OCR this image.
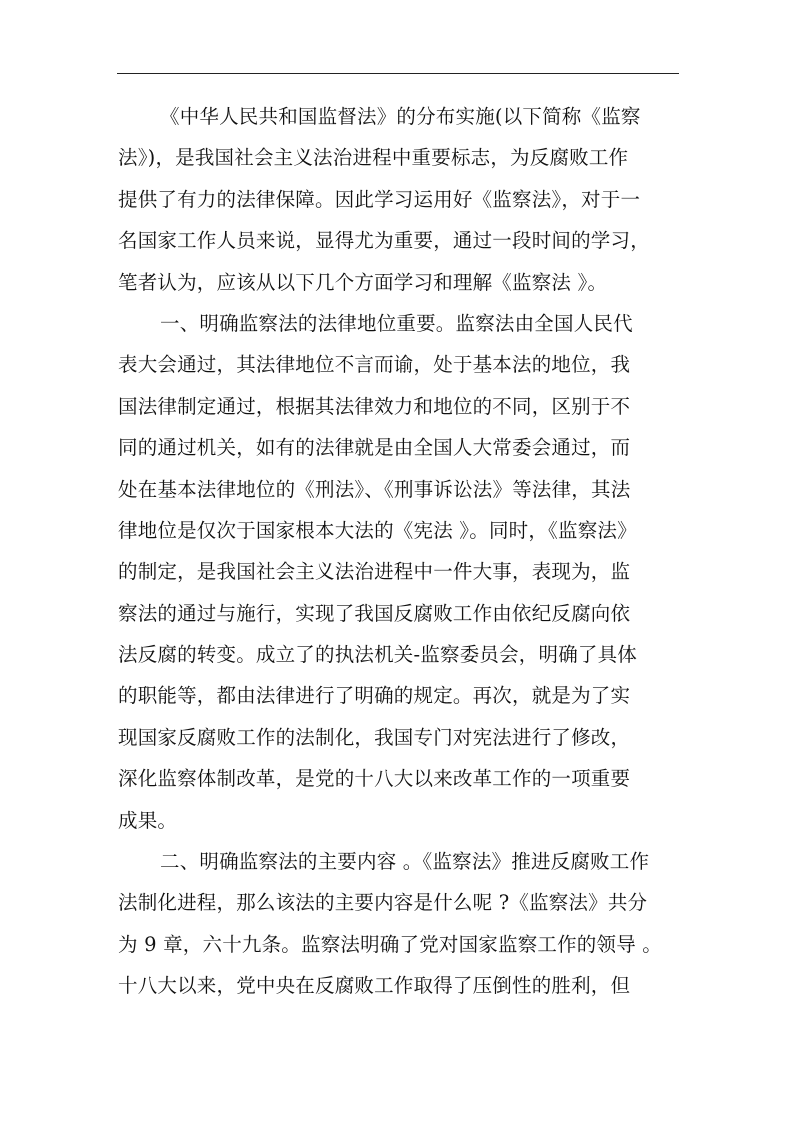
《中华人民共和国监督法》的分布实施(以下简称《监察
法》)，是我国社会主义法治进程中重要标志，为反腐败工作
提供了有力的法律保障。因此学习运用好《监察法》，对于一
名国家工作人员来说，显得尤为重要，通过一段时间的学习，
笔者认为，应该从以下几个方面学习和理解《监察法 》。
一、明确监察法的法律地位重要。监察法由全国人民代
表大会通过，其法律地位不言而谕，处于基本法的地位，我
国法律制定通过，根据其法律效力和地位的不同，区别于不
同的通过机关，如有的法律就是由全国人大常委会通过，而
处在基本法律地位的《刑法》、《刑事诉讼法》等法律，其法
律地位是仅次于国家根本大法的《宪法 》。同时，《监察法》
的制定，是我国社会主义法治进程中一件大事，表现为，监
察法的通过与施行，实现了我国反腐败工作由依纪反腐向依
法反腐的转变。成立了的执法机关-监察委员会，明确了具体
的职能等，都由法律进行了明确的规定。再次，就是为了实
现国家反腐败工作的法制化，我国专门对宪法进行了修改，
深化监察体制改革，是党的十八大以来改革工作的一项重要
成果。
二、明确监察法的主要内容 。《监察法》推进反腐败工作
法制化进程，那么该法的主要内容是什么呢 ?《监察法》共分
为 9 章，六十九条。监察法明确了党对国家监察工作的领导 。
十八大以来，党中央在反腐败工作取得了压倒性的胜利，但
